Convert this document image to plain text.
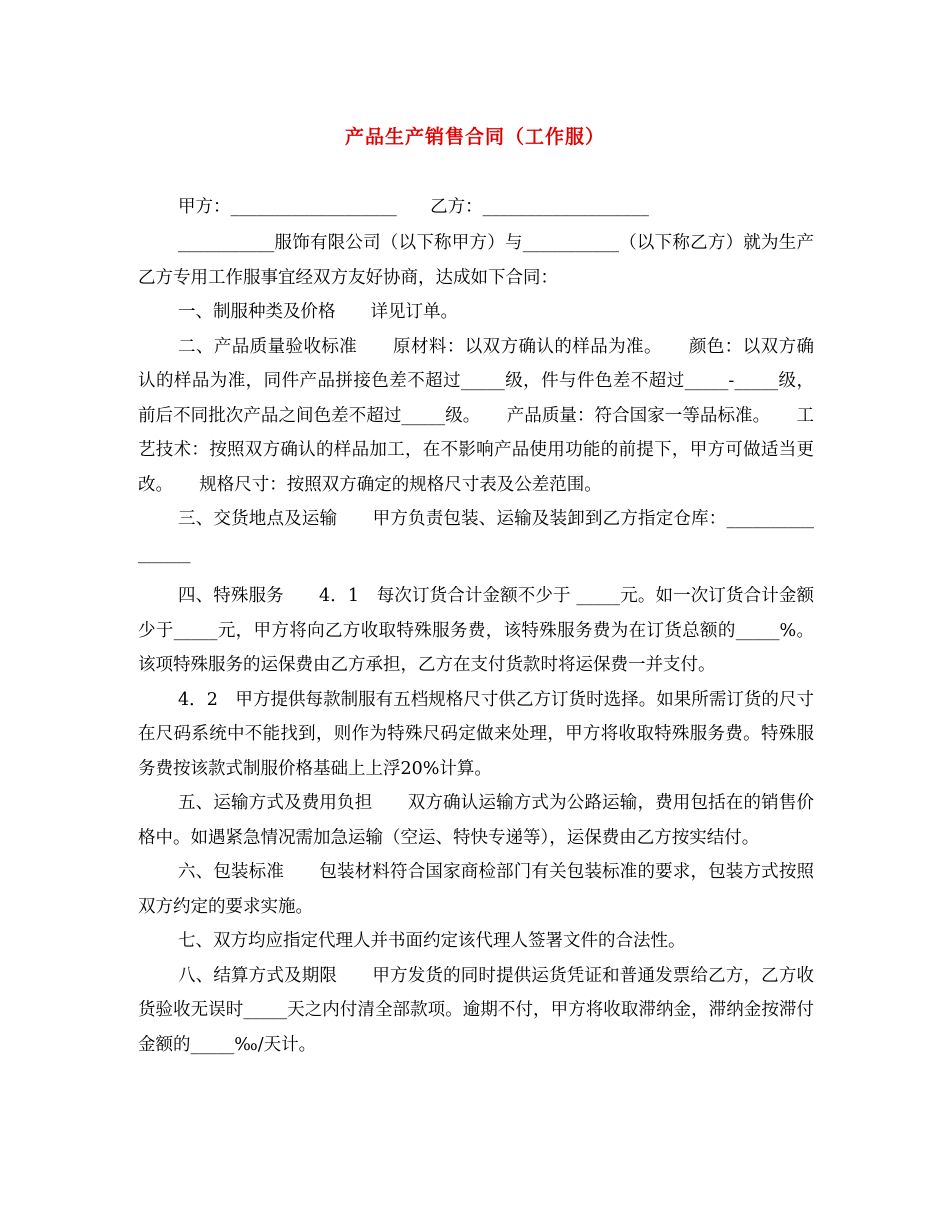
产品生产销售合同（工作服）

甲方：___________________      乙方：___________________

___________服饰有限公司（以下称甲方）与___________（以下称乙方）就为生产乙方专用工作服事宜经双方友好协商，达成如下合同：

一、制服种类及价格　　详见订单。

二、产品质量验收标准　　原材料：以双方确认的样品为准。　　颜色：以双方确认的样品为准，同件产品拼接色差不超过_____级，件与件色差不超过_____-_____级，前后不同批次产品之间色差不超过_____级。　　产品质量：符合国家一等品标准。　　工艺技术：按照双方确认的样品加工，在不影响产品使用功能的前提下，甲方可做适当更改。　　规格尺寸：按照双方确定的规格尺寸表及公差范围。

三、交货地点及运输　　甲方负责包装、运输及装卸到乙方指定仓库：________________

四、特殊服务　　4．1　每次订货合计金额不少于 _____元。如一次订货合计金额少于_____元，甲方将向乙方收取特殊服务费，该特殊服务费为在订货总额的_____%。该项特殊服务的运保费由乙方承担，乙方在支付货款时将运保费一并支付。

4．2　甲方提供每款制服有五档规格尺寸供乙方订货时选择。如果所需订货的尺寸在尺码系统中不能找到，则作为特殊尺码定做来处理，甲方将收取特殊服务费。特殊服务费按该款式制服价格基础上上浮20%计算。

五、运输方式及费用负担　　双方确认运输方式为公路运输，费用包括在的销售价格中。如遇紧急情况需加急运输（空运、特快专递等），运保费由乙方按实结付。

六、包装标准　　包装材料符合国家商检部门有关包装标准的要求，包装方式按照双方约定的要求实施。

七、双方均应指定代理人并书面约定该代理人签署文件的合法性。

八、结算方式及期限　　甲方发货的同时提供运货凭证和普通发票给乙方，乙方收货验收无误时_____天之内付清全部款项。逾期不付，甲方将收取滞纳金，滞纳金按滞付金额的_____‰/天计。
